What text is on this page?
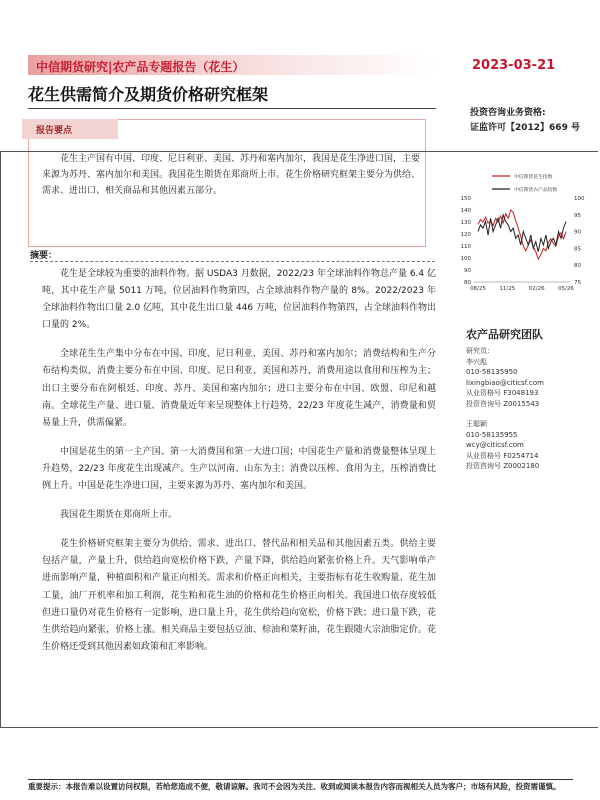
中信期货研究|农产品专题报告（花生）	2023-03-21
花生供需简介及期货价格研究框架
投资咨询业务资格:
证监许可【2012】669 号
报告要点
花生主产国有中国、印度、尼日利亚、美国、苏丹和塞内加尔，我国是花生净进口国，主要来源为苏丹、塞内加尔和美国。我国花生期货在郑商所上市。花生价格研究框架主要分为供给、需求、进出口、相关商品和其他因素五部分。
摘要：

花生是全球较为重要的油料作物。据 USDA3 月数据，2022/23 年全球油料作物总产量 6.4 亿吨，其中花生产量 5011 万吨，位居油料作物第四，占全球油料作物产量的 8%。2022/2023 年全球油料作物出口量 2.0 亿吨，其中花生出口量 446 万吨，位居油料作物第四，占全球油料作物出口量的 2%。

全球花生生产集中分布在中国、印度、尼日利亚、美国、苏丹和塞内加尔；消费结构和生产分布结构类似，消费主要分布在中国、印度、尼日利亚、美国和苏丹，消费用途以食用和压榨为主；出口主要分布在阿根廷、印度、苏丹、美国和塞内加尔；进口主要分布在中国、欧盟、印尼和越南。全球花生产量、进口量、消费量近年来呈现整体上行趋势，22/23 年度花生减产，消费量和贸易量上升，供需偏紧。

中国是花生的第一主产国、第一大消费国和第一大进口国；中国花生产量和消费量整体呈现上升趋势，22/23 年度花生出现减产。生产以河南、山东为主；消费以压榨、食用为主，压榨消费比例上升。中国是花生净进口国，主要来源为苏丹、塞内加尔和美国。

我国花生期货在郑商所上市。

花生价格研究框架主要分为供给、需求、进出口、替代品和相关品和其他因素五类。供给主要包括产量，产量上升，供给趋向宽松价格下跌，产量下降，供给趋向紧张价格上升。天气影响单产进而影响产量，种植面积和产量正向相关。需求和价格正向相关，主要指标有花生收购量、花生加工量，油厂开机率和加工利润，花生粕和花生油的价格和花生价格正向相关。我国进口依存度较低但进口量仍对花生价格有一定影响，进口量上升，花生供给趋向宽松，价格下跌；进口量下跌，花生供给趋向紧张，价格上涨。相关商品主要包括豆油、棕油和菜籽油，花生跟随大宗油脂定价。花生价格还受到其他因素如政策和汇率影响。

中信期货花生指数
中信期货农产品指数
80
90
100
110
120
130
140
150
75
80
85
90
95
100
08/25 11/25 02/26 05/26
农产品研究团队
研究员：
李兴彪
010-58135950
lixingbiao@citicsf.com
从业资格号 F3048193
投资咨询号 Z0015543
王聪颖
010-58135955
wcy@citicsf.com
从业资格号 F0254714
投资咨询号 Z0002180
重要提示：本报告难以设置访问权限，若给您造成不便，敬请谅解。我司不会因为关注、收到或阅读本报告内容而视相关人员为客户；市场有风险，投资需谨慎。
